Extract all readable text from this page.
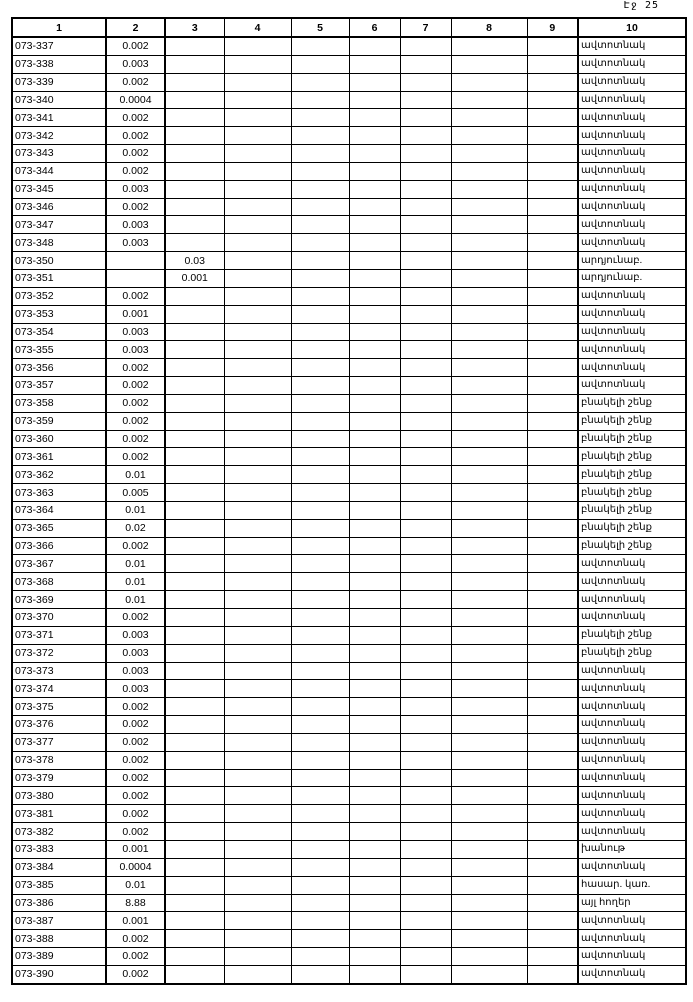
Էջ 25
1	2	3	4	5	6	7	8	9	10
073-337	0.002								ավտոտնակ
073-338	0.003								ավտոտնակ
073-339	0.002								ավտոտնակ
073-340	0.0004								ավտոտնակ
073-341	0.002								ավտոտնակ
073-342	0.002								ավտոտնակ
073-343	0.002								ավտոտնակ
073-344	0.002								ավտոտնակ
073-345	0.003								ավտոտնակ
073-346	0.002								ավտոտնակ
073-347	0.003								ավտոտնակ
073-348	0.003								ավտոտնակ
073-350		0.03							արդյունաբ.
073-351		0.001							արդյունաբ.
073-352	0.002								ավտոտնակ
073-353	0.001								ավտոտնակ
073-354	0.003								ավտոտնակ
073-355	0.003								ավտոտնակ
073-356	0.002								ավտոտնակ
073-357	0.002								ավտոտնակ
073-358	0.002								բնակելի շենք
073-359	0.002								բնակելի շենք
073-360	0.002								բնակելի շենք
073-361	0.002								բնակելի շենք
073-362	0.01								բնակելի շենք
073-363	0.005								բնակելի շենք
073-364	0.01								բնակելի շենք
073-365	0.02								բնակելի շենք
073-366	0.002								բնակելի շենք
073-367	0.01								ավտոտնակ
073-368	0.01								ավտոտնակ
073-369	0.01								ավտոտնակ
073-370	0.002								ավտոտնակ
073-371	0.003								բնակելի շենք
073-372	0.003								բնակելի շենք
073-373	0.003								ավտոտնակ
073-374	0.003								ավտոտնակ
073-375	0.002								ավտոտնակ
073-376	0.002								ավտոտնակ
073-377	0.002								ավտոտնակ
073-378	0.002								ավտոտնակ
073-379	0.002								ավտոտնակ
073-380	0.002								ավտոտնակ
073-381	0.002								ավտոտնակ
073-382	0.002								ավտոտնակ
073-383	0.001								խանութ
073-384	0.0004								ավտոտնակ
073-385	0.01								հասար. կառ.
073-386	8.88								այլ հողեր
073-387	0.001								ավտոտնակ
073-388	0.002								ավտոտնակ
073-389	0.002								ավտոտնակ
073-390	0.002								ավտոտնակ
